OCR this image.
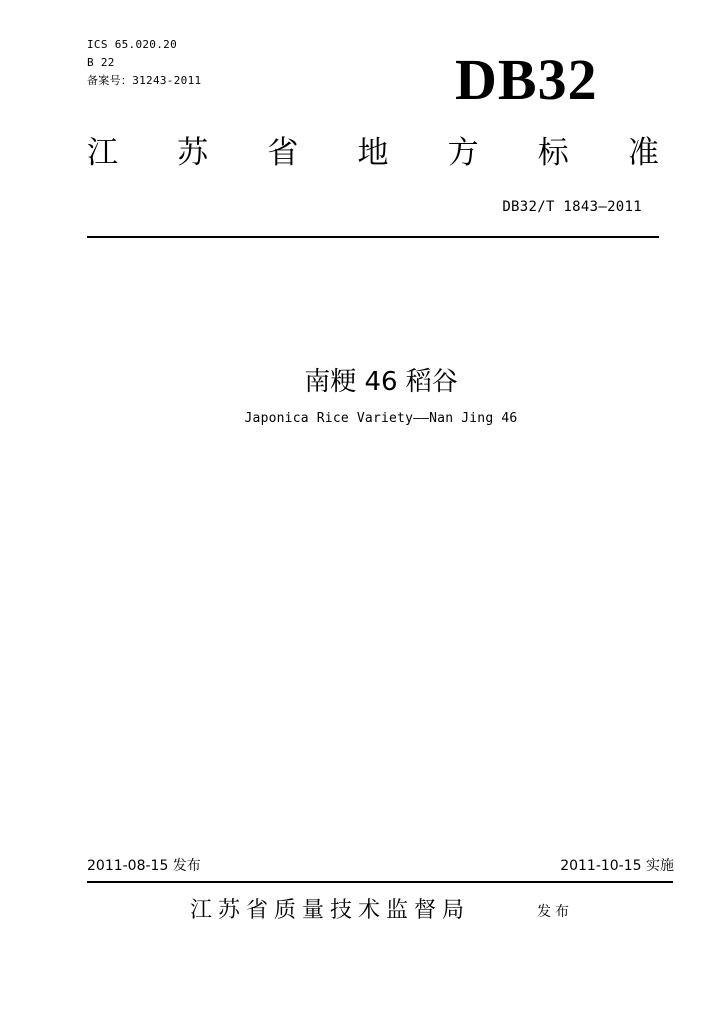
ICS 65.020.20
B 22
备案号：31243-2011	DB32
江 苏 省 地 方 标 准
DB32/T 1843—2011
南粳 46 稻谷
Japonica Rice Variety——Nan Jing 46
2011-08-15 发布	2011-10-15 实施
江苏省质量技术监督局	发布
